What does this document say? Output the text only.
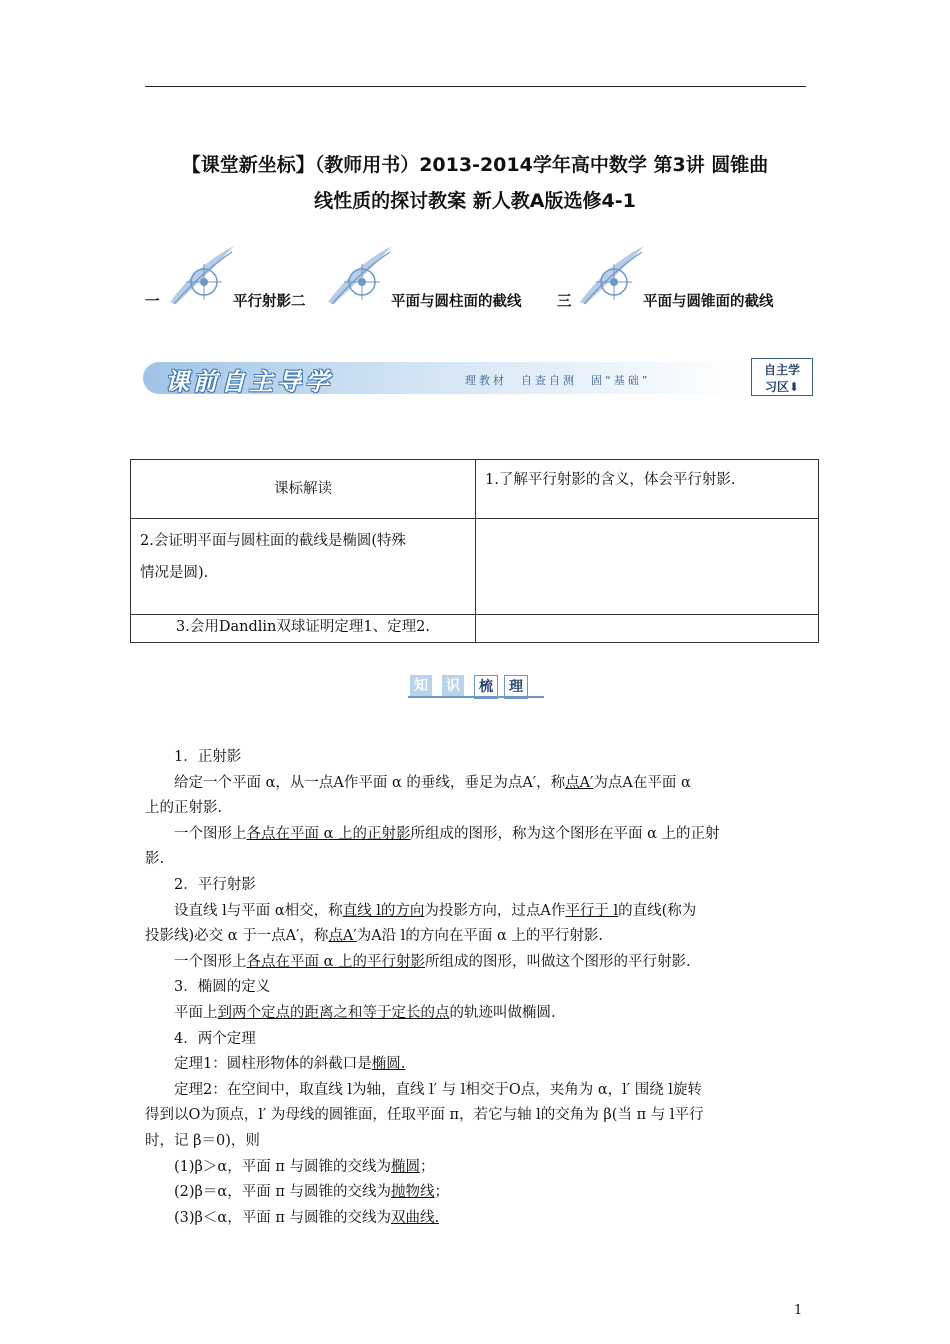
【课堂新坐标】（教师用书）2013-2014学年高中数学 第3讲 圆锥曲
线性质的探讨教案 新人教A版选修4-1
一	平行射影 二	平面与圆柱面的截线 三	平面与圆锥面的截线
课前自主导学	理教材　自查自测　固“基础”
自主学
习区⬇
课标解读	1.了解平行射影的含义，体会平行射影.

2.会证明平面与圆柱面的截线是椭圆(特殊
情况是圆).	

3.会用Dandlin双球证明定理1、定理2.	
知 识	梳	理

1．正射影

给定一个平面 α，从一点A作平面 α 的垂线，垂足为点A′，称点A′为点A在平面 α

上的正射影.

一个图形上各点在平面 α 上的正射影所组成的图形，称为这个图形在平面 α 上的正射

影.

2．平行射影

设直线 l与平面 α相交，称直线 l的方向为投影方向，过点A作平行于 l的直线(称为

投影线)必交 α 于一点A′，称点A′为A沿 l的方向在平面 α 上的平行射影.

一个图形上各点在平面 α 上的平行射影所组成的图形，叫做这个图形的平行射影.

3．椭圆的定义

平面上到两个定点的距离之和等于定长的点的轨迹叫做椭圆.

4．两个定理

定理1：圆柱形物体的斜截口是椭圆.

定理2：在空间中，取直线 l为轴，直线 l′ 与 l相交于O点，夹角为 α，l′ 围绕 l旋转

得到以O为顶点，l′ 为母线的圆锥面，任取平面 π，若它与轴 l的交角为 β(当 π 与 l平行

时，记 β＝0)，则

(1)β＞α，平面 π 与圆锥的交线为椭圆；

(2)β＝α，平面 π 与圆锥的交线为抛物线；

(3)β＜α，平面 π 与圆锥的交线为双曲线.

1
